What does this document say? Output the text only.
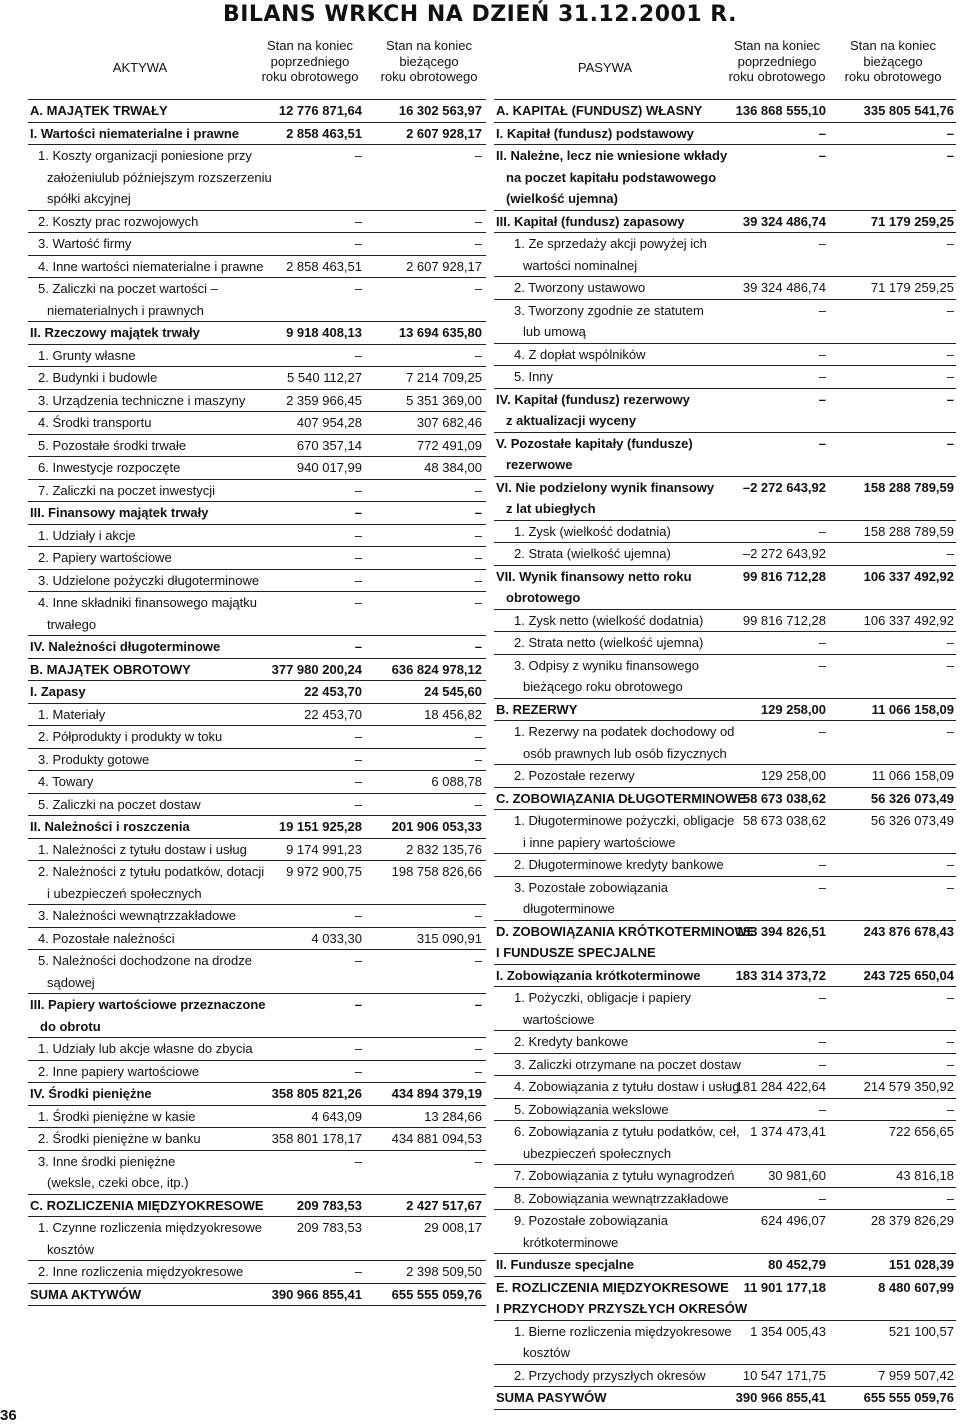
BILANS WRKCH NA DZIEŃ 31.12.2001 R.
AKTYWA
Stan na koniec
poprzedniego
roku obrotowego
Stan na koniec
bieżącego
roku obrotowego
PASYWA
Stan na koniec
poprzedniego
roku obrotowego
Stan na koniec
bieżącego
roku obrotowego
A. MAJĄTEK TRWAŁY	12 776 871,64	16 302 563,97
I. Wartości niematerialne i prawne	2 858 463,51	2 607 928,17
1. Koszty organizacji poniesione przy
założeniulub późniejszym rozszerzeniu
spółki akcyjnej
–	–
2. Koszty prac rozwojowych	–	–
3. Wartość firmy	–	–
4. Inne wartości niematerialne i prawne	2 858 463,51	2 607 928,17
5. Zaliczki na poczet wartości –
niematerialnych i prawnych
–	–
II. Rzeczowy majątek trwały	9 918 408,13	13 694 635,80
1. Grunty własne	–	–
2. Budynki i budowle	5 540 112,27	7 214 709,25
3. Urządzenia techniczne i maszyny	2 359 966,45	5 351 369,00
4. Środki transportu	407 954,28	307 682,46
5. Pozostałe środki trwałe	670 357,14	772 491,09
6. Inwestycje rozpoczęte	940 017,99	48 384,00
7. Zaliczki na poczet inwestycji	–	–
III. Finansowy majątek trwały	–	–
1. Udziały i akcje	–	–
2. Papiery wartościowe	–	–
3. Udzielone pożyczki długoterminowe	–	–
4. Inne składniki finansowego majątku
trwałego
–	–
IV. Należności długoterminowe	–	–
B. MAJĄTEK OBROTOWY	377 980 200,24	636 824 978,12
I. Zapasy	22 453,70	24 545,60
1. Materiały	22 453,70	18 456,82
2. Półprodukty i produkty w toku	–	–
3. Produkty gotowe	–	–
4. Towary	–	6 088,78
5. Zaliczki na poczet dostaw	–	–
II. Należności i roszczenia	19 151 925,28	201 906 053,33
1. Należności z tytułu dostaw i usług	9 174 991,23	2 832 135,76
2. Należności z tytułu podatków, dotacji
i ubezpieczeń społecznych
9 972 900,75	198 758 826,66
3. Należności wewnątrzzakładowe	–	–
4. Pozostałe należności	4 033,30	315 090,91
5. Należności dochodzone na drodze
sądowej
–	–
III. Papiery wartościowe przeznaczone
do obrotu
–	–
1. Udziały lub akcje własne do zbycia	–	–
2. Inne papiery wartościowe	–	–
IV. Środki pieniężne	358 805 821,26	434 894 379,19
1. Środki pieniężne w kasie	4 643,09	13 284,66
2. Środki pieniężne w banku	358 801 178,17	434 881 094,53
3. Inne środki pieniężne
(weksle, czeki obce, itp.)
–	–
C. ROZLICZENIA MIĘDZYOKRESOWE	209 783,53	2 427 517,67
1. Czynne rozliczenia międzyokresowe
kosztów
209 783,53	29 008,17
2. Inne rozliczenia międzyokresowe	–	2 398 509,50
SUMA AKTYWÓW	390 966 855,41	655 555 059,76
A. KAPITAŁ (FUNDUSZ) WŁASNY	136 868 555,10	335 805 541,76
I. Kapitał (fundusz) podstawowy	–	–
II. Należne, lecz nie wniesione wkłady
na poczet kapitału podstawowego
(wielkość ujemna)
–	–
III. Kapitał (fundusz) zapasowy	39 324 486,74	71 179 259,25
1. Ze sprzedaży akcji powyżej ich
wartości nominalnej
–	–
2. Tworzony ustawowo	39 324 486,74	71 179 259,25
3. Tworzony zgodnie ze statutem
lub umową
–	–
4. Z dopłat wspólników	–	–
5. Inny	–	–
IV. Kapitał (fundusz) rezerwowy
z aktualizacji wyceny
–	–
V. Pozostałe kapitały (fundusze)
rezerwowe
–	–
VI. Nie podzielony wynik finansowy
z lat ubiegłych
–2 272 643,92	158 288 789,59
1. Zysk (wielkość dodatnia)	–	158 288 789,59
2. Strata (wielkość ujemna)	–2 272 643,92	–
VII. Wynik finansowy netto roku
obrotowego
99 816 712,28	106 337 492,92
1. Zysk netto (wielkość dodatnia)	99 816 712,28	106 337 492,92
2. Strata netto (wielkość ujemna)	–	–
3. Odpisy z wyniku finansowego
bieżącego roku obrotowego
–	–
B. REZERWY	129 258,00	11 066 158,09
1. Rezerwy na podatek dochodowy od
osób prawnych lub osób fizycznych
–	–
2. Pozostałe rezerwy	129 258,00	11 066 158,09
C. ZOBOWIĄZANIA DŁUGOTERMINOWE
58 673 038,62	56 326 073,49
1. Długoterminowe pożyczki, obligacje
i inne papiery wartościowe
58 673 038,62	56 326 073,49
2. Długoterminowe kredyty bankowe	–	–
3. Pozostałe zobowiązania
długoterminowe
–	–
D. ZOBOWIĄZANIA KRÓTKOTERMINOWE
I FUNDUSZE SPECJALNE
183 394 826,51	243 876 678,43
I. Zobowiązania krótkoterminowe	183 314 373,72	243 725 650,04
1. Pożyczki, obligacje i papiery
wartościowe
–	–
2. Kredyty bankowe	–	–
3. Zaliczki otrzymane na poczet dostaw	–	–
4. Zobowiązania z tytułu dostaw i usług
181 284 422,64	214 579 350,92
5. Zobowiązania wekslowe	–	–
6. Zobowiązania z tytułu podatków, ceł,
ubezpieczeń społecznych
1 374 473,41	722 656,65
7. Zobowiązania z tytułu wynagrodzeń	30 981,60	43 816,18
8. Zobowiązania wewnątrzzakładowe	–	–
9. Pozostałe zobowiązania
krótkoterminowe
624 496,07	28 379 826,29
II. Fundusze specjalne	80 452,79	151 028,39
E. ROZLICZENIA MIĘDZYOKRESOWE
I PRZYCHODY PRZYSZŁYCH OKRESÓW
11 901 177,18	8 480 607,99
1. Bierne rozliczenia międzyokresowe
kosztów
1 354 005,43	521 100,57
2. Przychody przyszłych okresów	10 547 171,75	7 959 507,42
SUMA PASYWÓW	390 966 855,41	655 555 059,76
36
